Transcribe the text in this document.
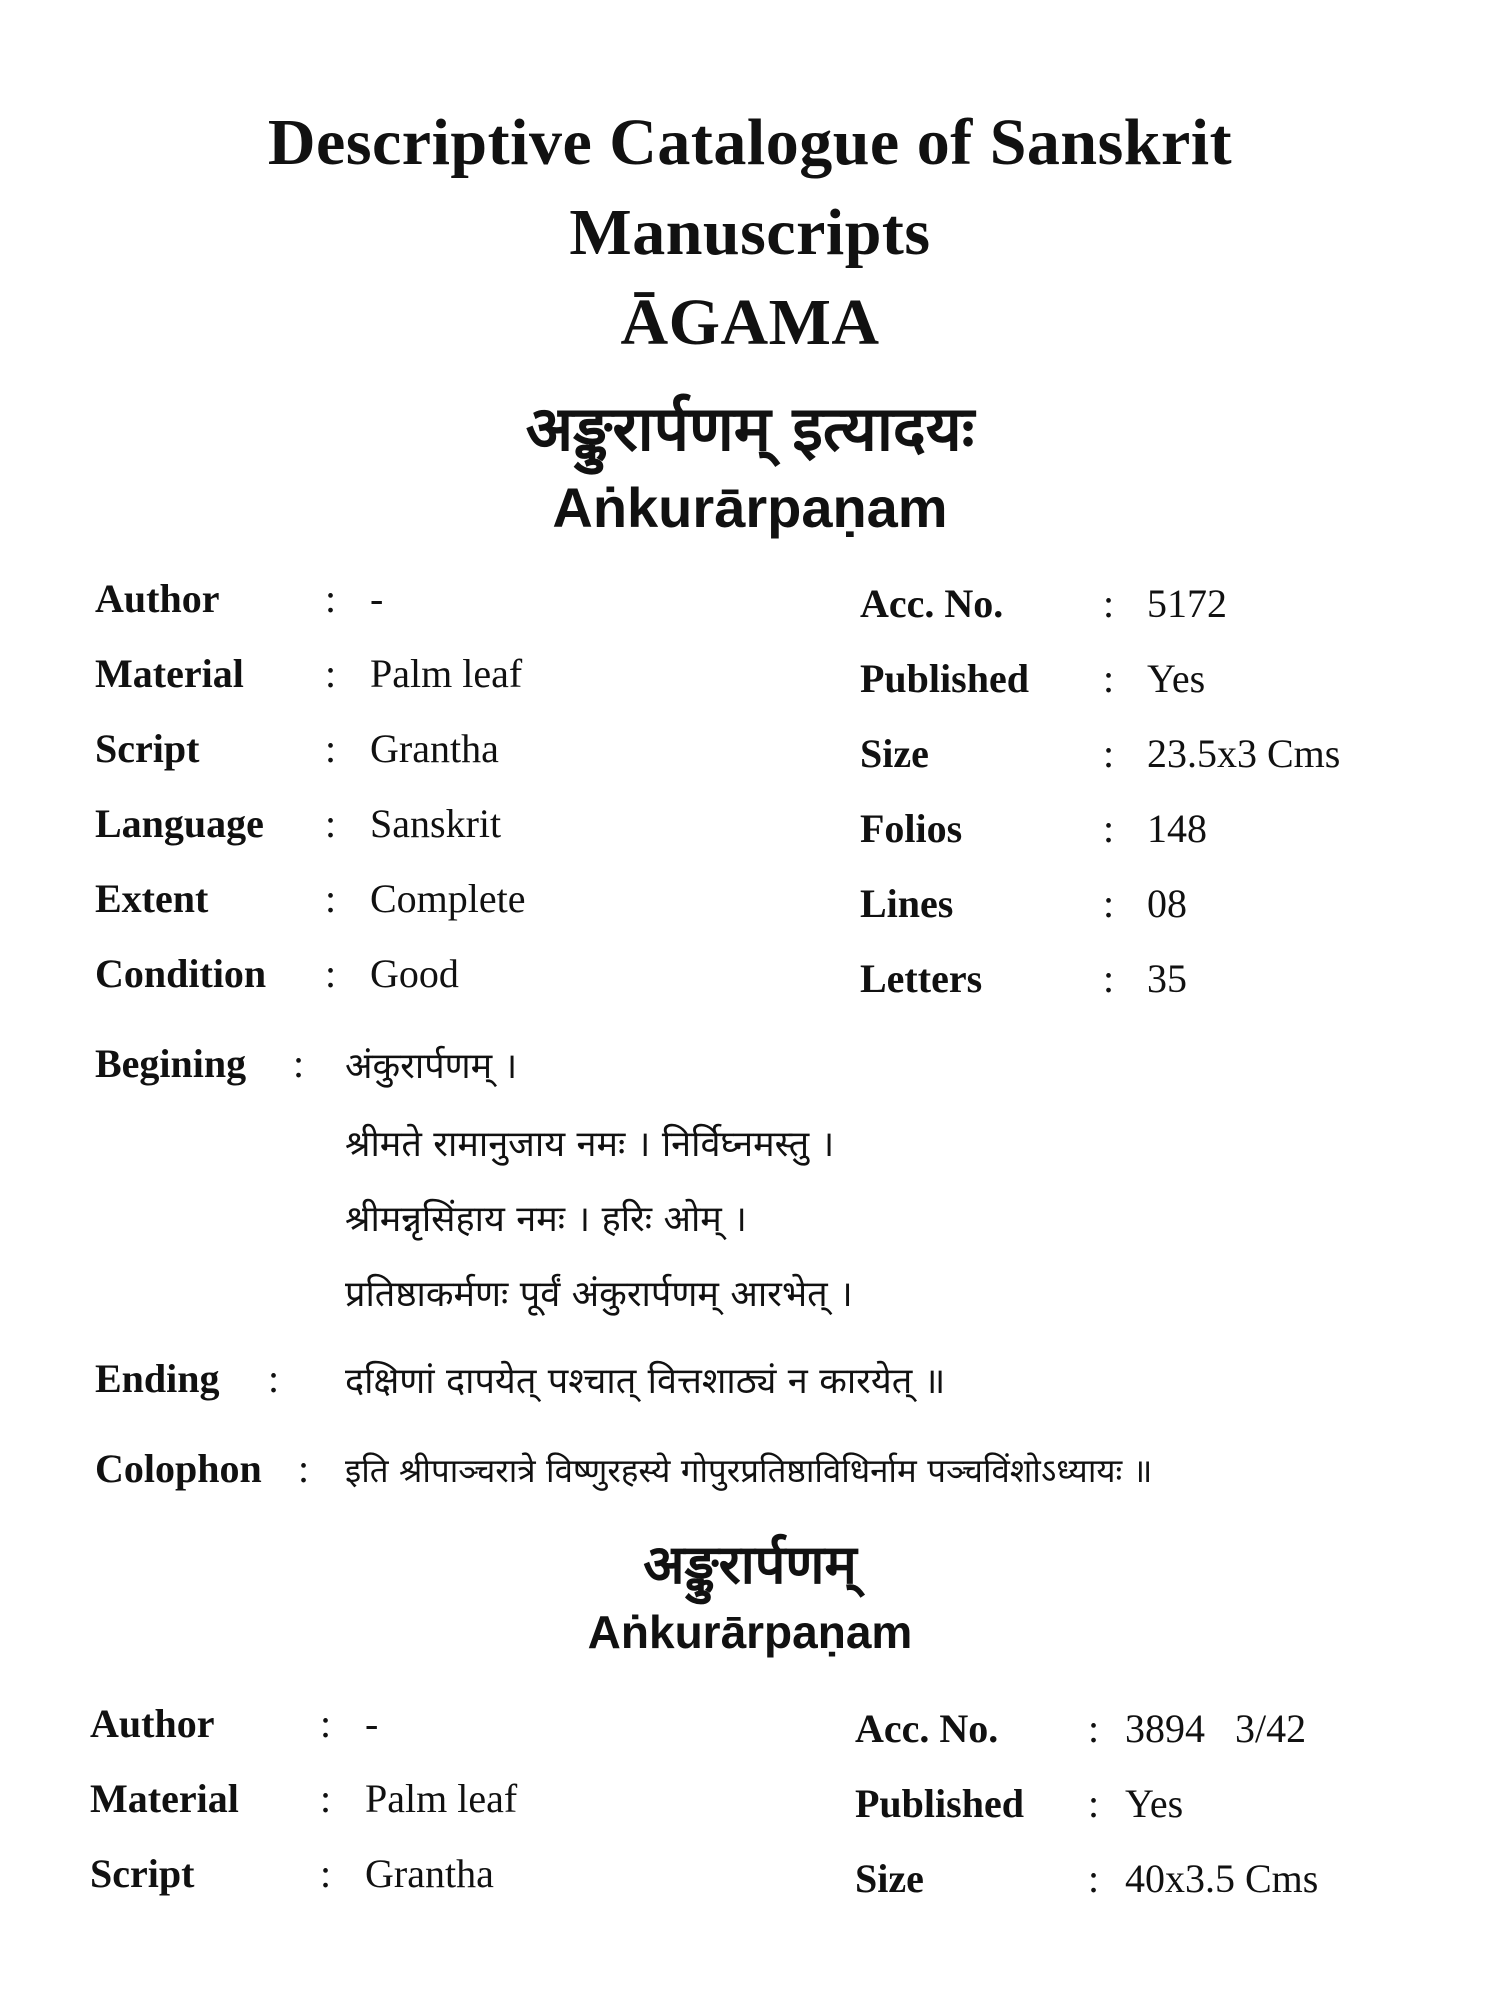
Descriptive Catalogue of Sanskrit
Manuscripts
ĀGAMA
अङ्कुरार्पणम् इत्यादयः
Aṅkurārpaṇam
Author	: -
Material : Palm leaf
Script	: Grantha
Language : Sanskrit
Extent	: Complete
Condition : Good
Acc. No. : 5172
Published : Yes
Size	: 23.5x3 Cms
Folios	: 148
Lines	: 08
Letters	: 35
Begining : अंकुरार्पणम् ।
श्रीमते रामानुजाय नमः । निर्विघ्नमस्तु ।
श्रीमन्नृसिंहाय नमः । हरिः ओम् ।
प्रतिष्ठाकर्मणः पूर्वं अंकुरार्पणम् आरभेत् ।
Ending : दक्षिणां दापयेत् पश्चात् वित्तशाठ्यं न कारयेत् ॥
Colophon : इति श्रीपाञ्चरात्रे विष्णुरहस्ये गोपुरप्रतिष्ठाविधिर्नाम पञ्चविंशोऽध्यायः ॥
अङ्कुरार्पणम्
Aṅkurārpaṇam
Author	: -
Material : Palm leaf
Script	: Grantha
Acc. No. : 3894   3/42
Published : Yes
Size	: 40x3.5 Cms
